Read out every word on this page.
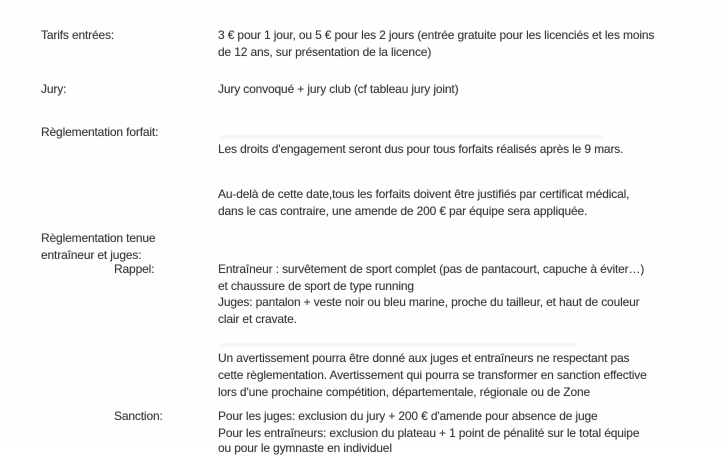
Tarifs entrées:	3 € pour 1 jour, ou 5 € pour les 2 jours (entrée gratuite pour les licenciés et les moins
de 12 ans, sur présentation de la licence)
Jury:	Jury convoqué + jury club (cf tableau jury joint)
Règlementation forfait:
Les droits d'engagement seront dus pour tous forfaits réalisés après le 9 mars.
Au-delà de cette date,tous les forfaits doivent être justifiés par certificat médical,
dans le cas contraire, une amende de 200 € par équipe sera appliquée.
Règlementation tenue
entraîneur et juges:
Rappel:	Entraîneur : survêtement de sport complet (pas de pantacourt, capuche à éviter…)
et chaussure de sport de type running
Juges: pantalon + veste noir ou bleu marine, proche du tailleur, et haut de couleur
clair et cravate.
Un avertissement pourra être donné aux juges et entraîneurs ne respectant pas
cette règlementation. Avertissement qui pourra se transformer en sanction effective
lors d'une prochaine compétition, départementale, régionale ou de Zone
Sanction:	Pour les juges: exclusion du jury + 200 € d'amende pour absence de juge
Pour les entraîneurs: exclusion du plateau + 1 point de pénalité sur le total équipe
ou pour le gymnaste en individuel
